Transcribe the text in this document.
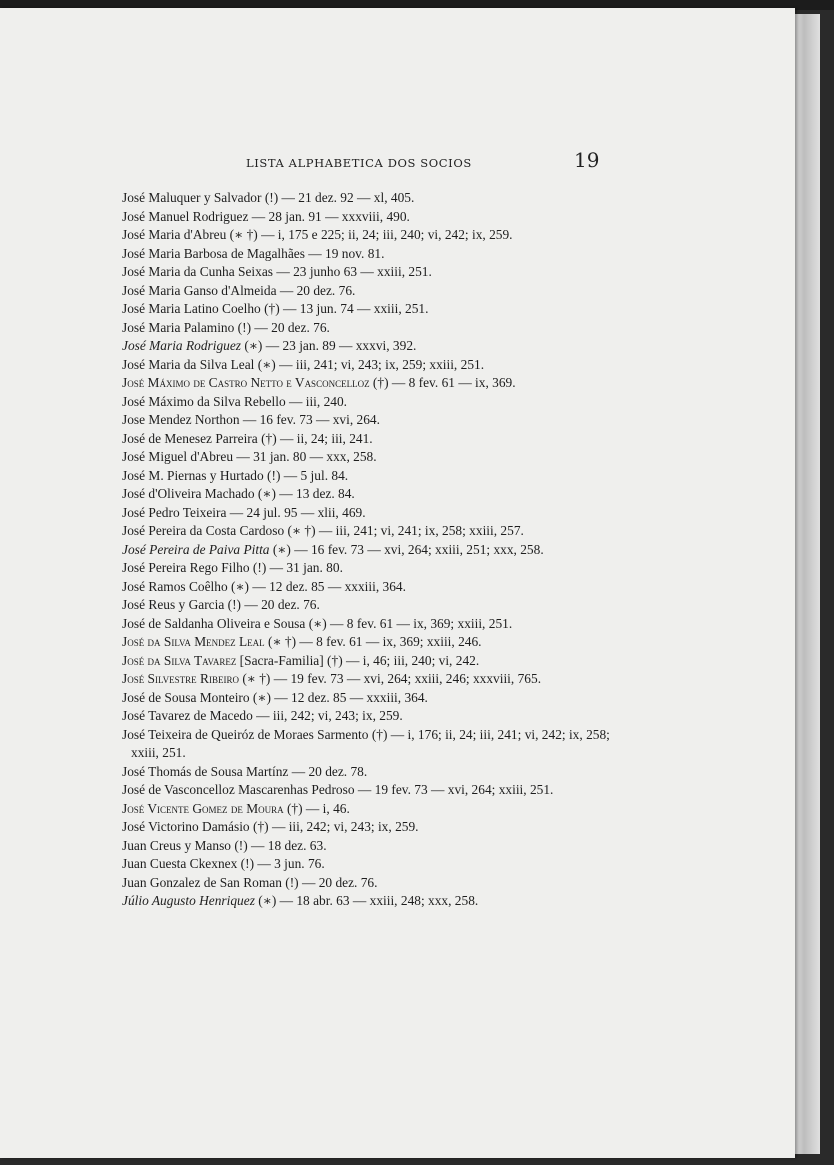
LISTA ALPHABETICA DOS SOCIOS	19
José Maluquer y Salvador (!) — 21 dez. 92 — xl, 405.
José Manuel Rodriguez — 28 jan. 91 — xxxviii, 490.
José Maria d'Abreu (∗ †) — i, 175 e 225; ii, 24; iii, 240; vi, 242; ix, 259.
José Maria Barbosa de Magalhães — 19 nov. 81.
José Maria da Cunha Seixas — 23 junho 63 — xxiii, 251.
José Maria Ganso d'Almeida — 20 dez. 76.
José Maria Latino Coelho (†) — 13 jun. 74 — xxiii, 251.
José Maria Palamino (!) — 20 dez. 76.
José Maria Rodriguez (∗) — 23 jan. 89 — xxxvi, 392.
José Maria da Silva Leal (∗) — iii, 241; vi, 243; ix, 259; xxiii, 251.
José Máximo de Castro Netto e Vasconcelloz (†) — 8 fev. 61 — ix, 369.
José Máximo da Silva Rebello — iii, 240.
Jose Mendez Northon — 16 fev. 73 — xvi, 264.
José de Menesez Parreira (†) — ii, 24; iii, 241.
José Miguel d'Abreu — 31 jan. 80 — xxx, 258.
José M. Piernas y Hurtado (!) — 5 jul. 84.
José d'Oliveira Machado (∗) — 13 dez. 84.
José Pedro Teixeira — 24 jul. 95 — xlii, 469.
José Pereira da Costa Cardoso (∗ †) — iii, 241; vi, 241; ix, 258; xxiii, 257.
José Pereira de Paiva Pitta (∗) — 16 fev. 73 — xvi, 264; xxiii, 251; xxx, 258.
José Pereira Rego Filho (!) — 31 jan. 80.
José Ramos Coêlho (∗) — 12 dez. 85 — xxxiii, 364.
José Reus y Garcia (!) — 20 dez. 76.
José de Saldanha Oliveira e Sousa (∗) — 8 fev. 61 — ix, 369; xxiii, 251.
José da Silva Mendez Leal (∗ †) — 8 fev. 61 — ix, 369; xxiii, 246.
José da Silva Tavarez [Sacra-Familia] (†) — i, 46; iii, 240; vi, 242.
José Silvestre Ribeiro (∗ †) — 19 fev. 73 — xvi, 264; xxiii, 246; xxxviii, 765.
José de Sousa Monteiro (∗) — 12 dez. 85 — xxxiii, 364.
José Tavarez de Macedo — iii, 242; vi, 243; ix, 259.
José Teixeira de Queiróz de Moraes Sarmento (†) — i, 176; ii, 24; iii, 241; vi, 242; ix, 258; xxiii, 251.
José Thomás de Sousa Martínz — 20 dez. 78.
José de Vasconcelloz Mascarenhas Pedroso — 19 fev. 73 — xvi, 264; xxiii, 251.
José Vicente Gomez de Moura (†) — i, 46.
José Victorino Damásio (†) — iii, 242; vi, 243; ix, 259.
Juan Creus y Manso (!) — 18 dez. 63.
Juan Cuesta Ckexnex (!) — 3 jun. 76.
Juan Gonzalez de San Roman (!) — 20 dez. 76.
Júlio Augusto Henriquez (∗) — 18 abr. 63 — xxiii, 248; xxx, 258.
